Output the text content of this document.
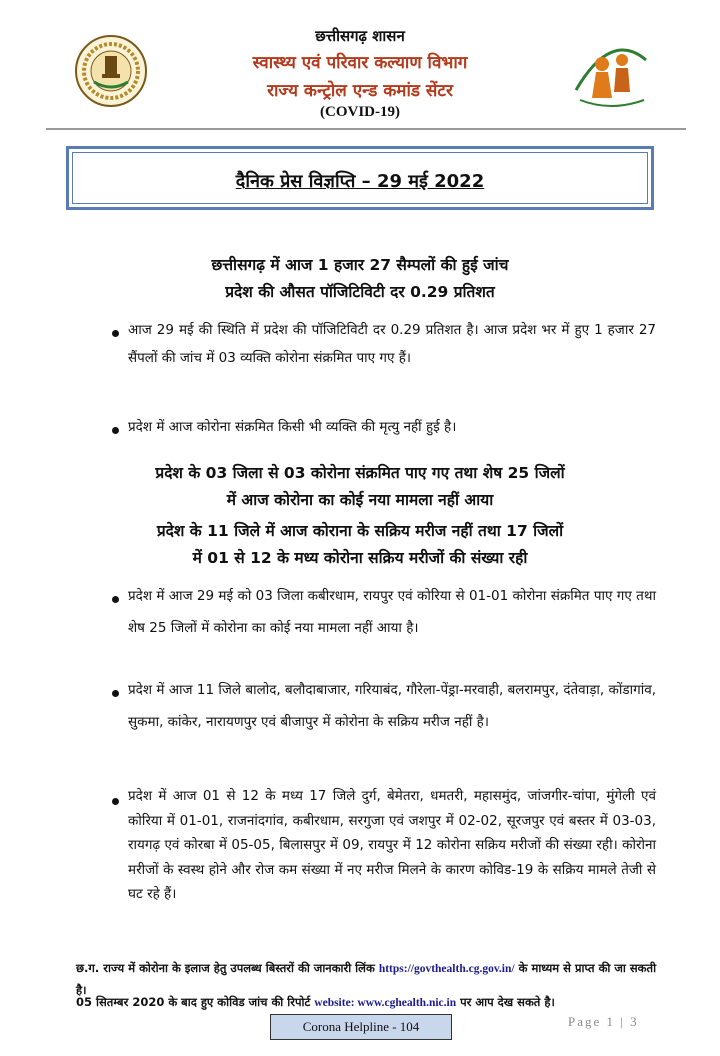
छत्तीसगढ़ शासन
स्वास्थ्य एवं परिवार कल्याण विभाग
राज्य कन्ट्रोल एन्ड कमांड सेंटर
(COVID-19)
दैनिक प्रेस विज्ञप्ति – 29 मई 2022
छत्तीसगढ़ में आज 1 हजार 27 सैम्पलों की हुई जांच
प्रदेश की औसत पॉजिटिविटी दर 0.29 प्रतिशत
आज 29 मई की स्थिति में प्रदेश की पॉजिटिविटी दर 0.29 प्रतिशत है। आज प्रदेश भर में हुए 1 हजार 27 सैंपलों की जांच में 03 व्यक्ति कोरोना संक्रमित पाए गए हैं।
प्रदेश में आज कोरोना संक्रमित किसी भी व्यक्ति की मृत्यु नहीं हुई है।
प्रदेश के 03 जिला से 03 कोरोना संक्रमित पाए गए तथा शेष 25 जिलों
में आज कोरोना का कोई नया मामला नहीं आया
प्रदेश के 11 जिले में आज कोराना के सक्रिय मरीज नहीं तथा 17 जिलों
में 01 से 12 के मध्य कोरोना सक्रिय मरीजों की संख्या रही
प्रदेश में आज 29 मई को 03 जिला कबीरधाम, रायपुर एवं कोरिया से 01-01 कोरोना संक्रमित पाए गए तथा शेष 25 जिलों में कोरोना का कोई नया मामला नहीं आया है।
प्रदेश में आज 11 जिले बालोद, बलौदाबाजार, गरियाबंद, गौरेला-पेंड्रा-मरवाही, बलरामपुर, दंतेवाड़ा, कोंडागांव, सुकमा, कांकेर, नारायणपुर एवं बीजापुर में कोरोना के सक्रिय मरीज नहीं है।
प्रदेश में आज 01 से 12 के मध्य 17 जिले दुर्ग, बेमेतरा, धमतरी, महासमुंद, जांजगीर-चांपा, मुंगेली एवं कोरिया में 01-01, राजनांदगांव, कबीरधाम, सरगुजा एवं जशपुर में 02-02, सूरजपुर एवं बस्तर में 03-03, रायगढ़ एवं कोरबा में 05-05, बिलासपुर में 09, रायपुर में 12 कोरोना सक्रिय मरीजों की संख्या रही। कोरोना मरीजों के स्वस्थ होने और रोज कम संख्या में नए मरीज मिलने के कारण कोविड-19 के सक्रिय मामले तेजी से घट रहे हैं।
छ.ग. राज्य में कोरोना के इलाज हेतु उपलब्ध बिस्तरों की जानकारी लिंक https://govthealth.cg.gov.in/ के माध्यम से प्राप्त की जा सकती है।
05 सितम्बर 2020 के बाद हुए कोविड जांच की रिपोर्ट website: www.cghealth.nic.in पर आप देख सकते है।
Corona Helpline - 104	Page 1 | 3
